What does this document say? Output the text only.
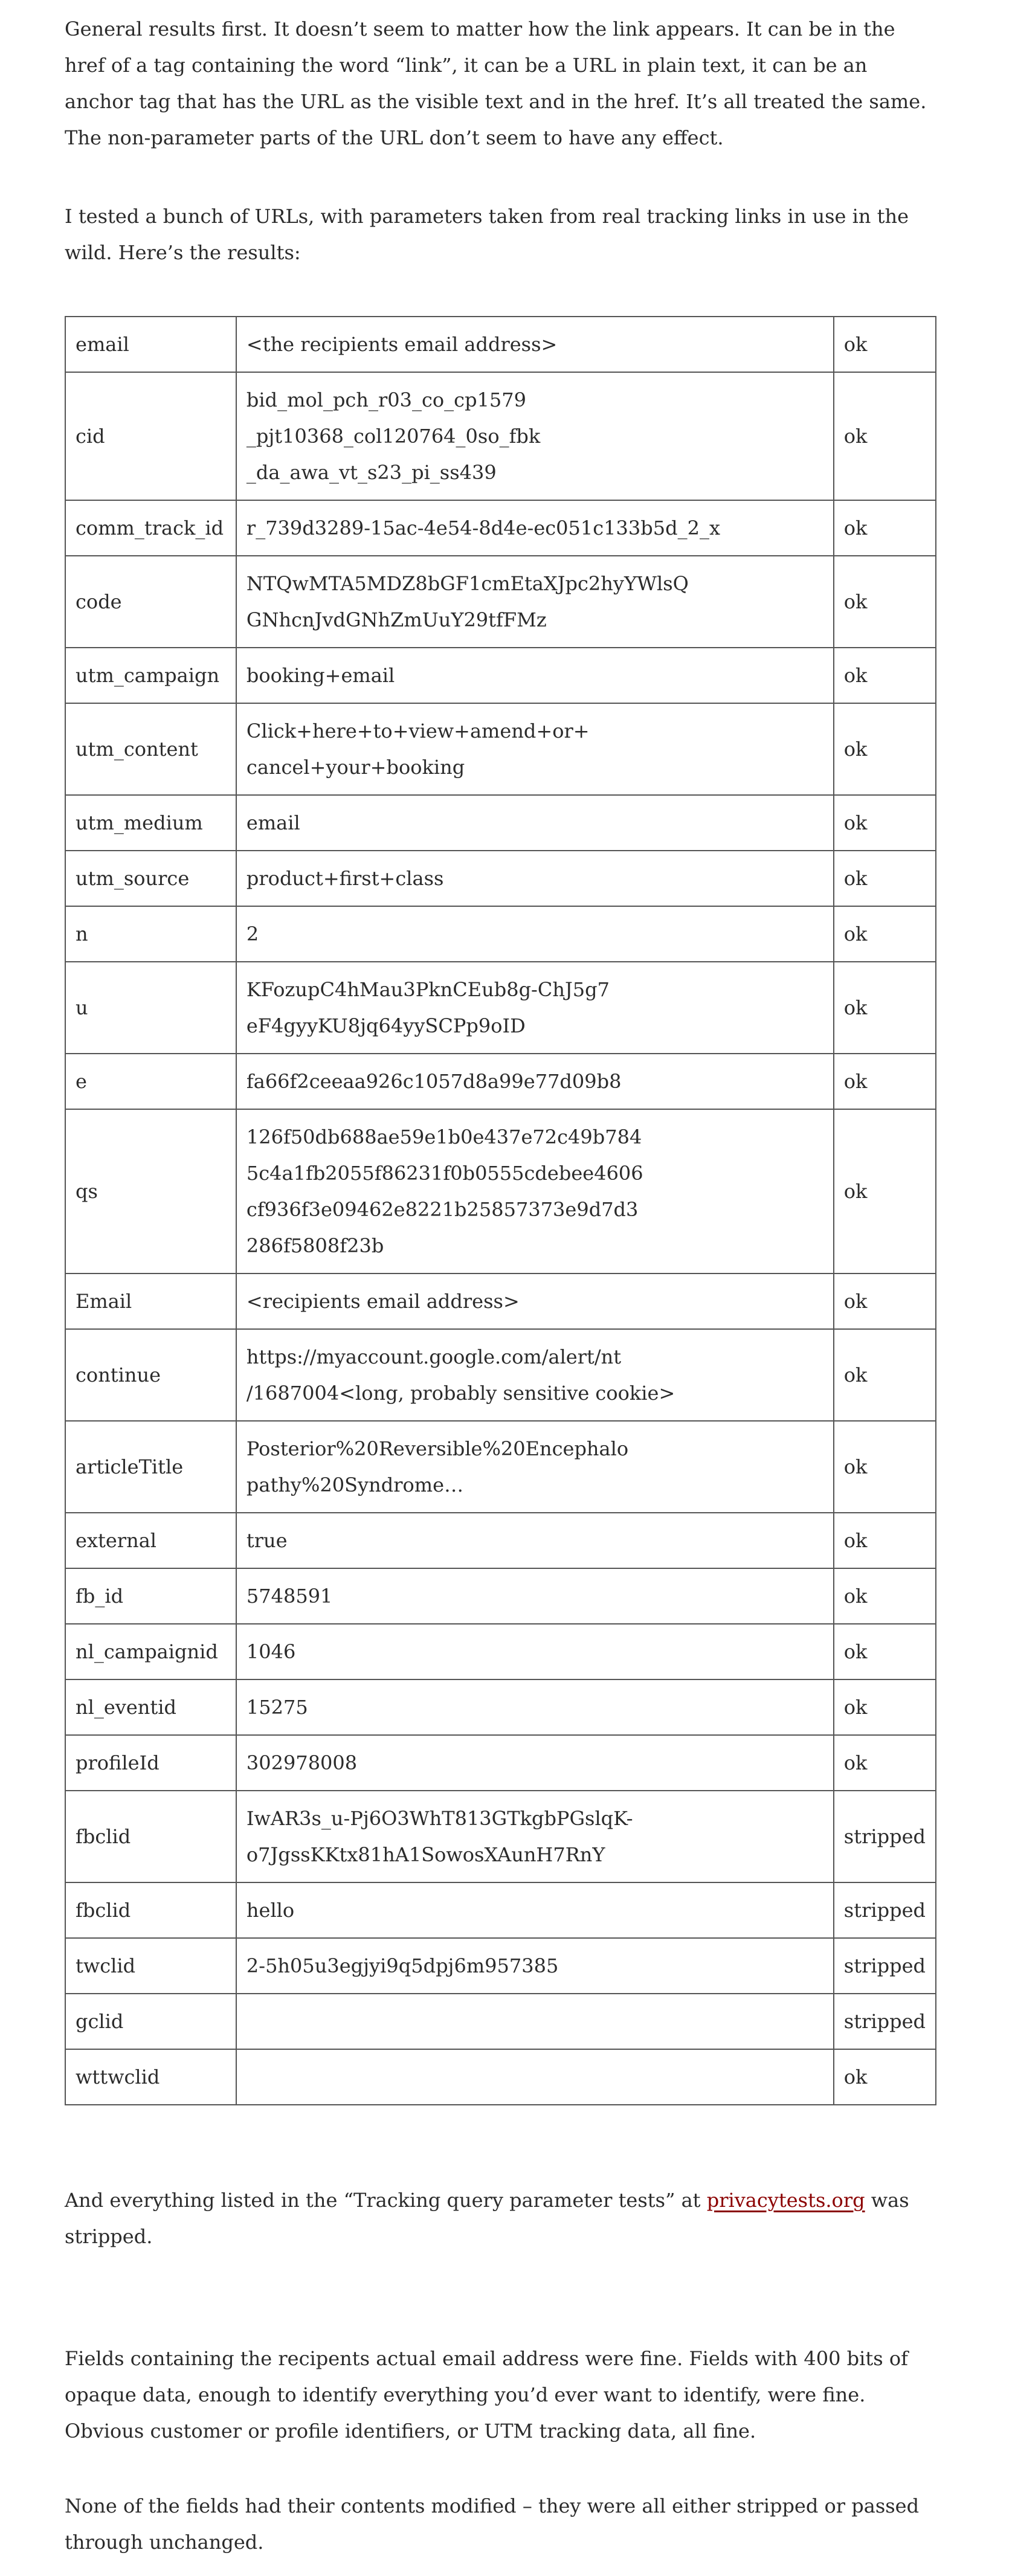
General results first. It doesn’t seem to matter how the link appears. It can be in the href of a tag containing the word “link”, it can be a URL in plain text, it can be an anchor tag that has the URL as the visible text and in the href. It’s all treated the same. The non-parameter parts of the URL don’t seem to have any effect.

I tested a bunch of URLs, with parameters taken from real tracking links in use in the wild. Here’s the results:

email	<the recipients email address>	ok
cid	bid_mol_pch_r03_co_cp1579
_pjt10368_col120764_0so_fbk
_da_awa_vt_s23_pi_ss439	ok
comm_track_id	r_739d3289-15ac-4e54-8d4e-ec051c133b5d_2_x	ok
code	NTQwMTA5MDZ8bGF1cmEtaXJpc2hyYWlsQ
GNhcnJvdGNhZmUuY29tfFMz	ok
utm_campaign	booking+email	ok
utm_content	Click+here+to+view+amend+or+
cancel+your+booking	ok
utm_medium	email	ok
utm_source	product+first+class	ok
n	2	ok
u	KFozupC4hMau3PknCEub8g-ChJ5g7
eF4gyyKU8jq64yySCPp9oID	ok
e	fa66f2ceeaa926c1057d8a99e77d09b8	ok
qs	126f50db688ae59e1b0e437e72c49b784
5c4a1fb2055f86231f0b0555cdebee4606
cf936f3e09462e8221b25857373e9d7d3
286f5808f23b	ok
Email	<recipients email address>	ok
continue	https://myaccount.google.com/alert/nt
/1687004<long, probably sensitive cookie>	ok
articleTitle	Posterior%20Reversible%20Encephalo
pathy%20Syndrome…	ok
external	true	ok
fb_id	5748591	ok
nl_campaignid	1046	ok
nl_eventid	15275	ok
profileId	302978008	ok
fbclid	IwAR3s_u-Pj6O3WhT813GTkgbPGslqK-
o7JgssKKtx81hA1SowosXAunH7RnY	stripped
fbclid	hello	stripped
twclid	2-5h05u3egjyi9q5dpj6m957385	stripped
gclid		stripped
wttwclid		ok

And everything listed in the “Tracking query parameter tests” at privacytests.org was stripped.

Fields containing the recipents actual email address were fine. Fields with 400 bits of opaque data, enough to identify everything you’d ever want to identify, were fine. Obvious customer or profile identifiers, or UTM tracking data, all fine.

None of the fields had their contents modified – they were all either stripped or passed through unchanged.
